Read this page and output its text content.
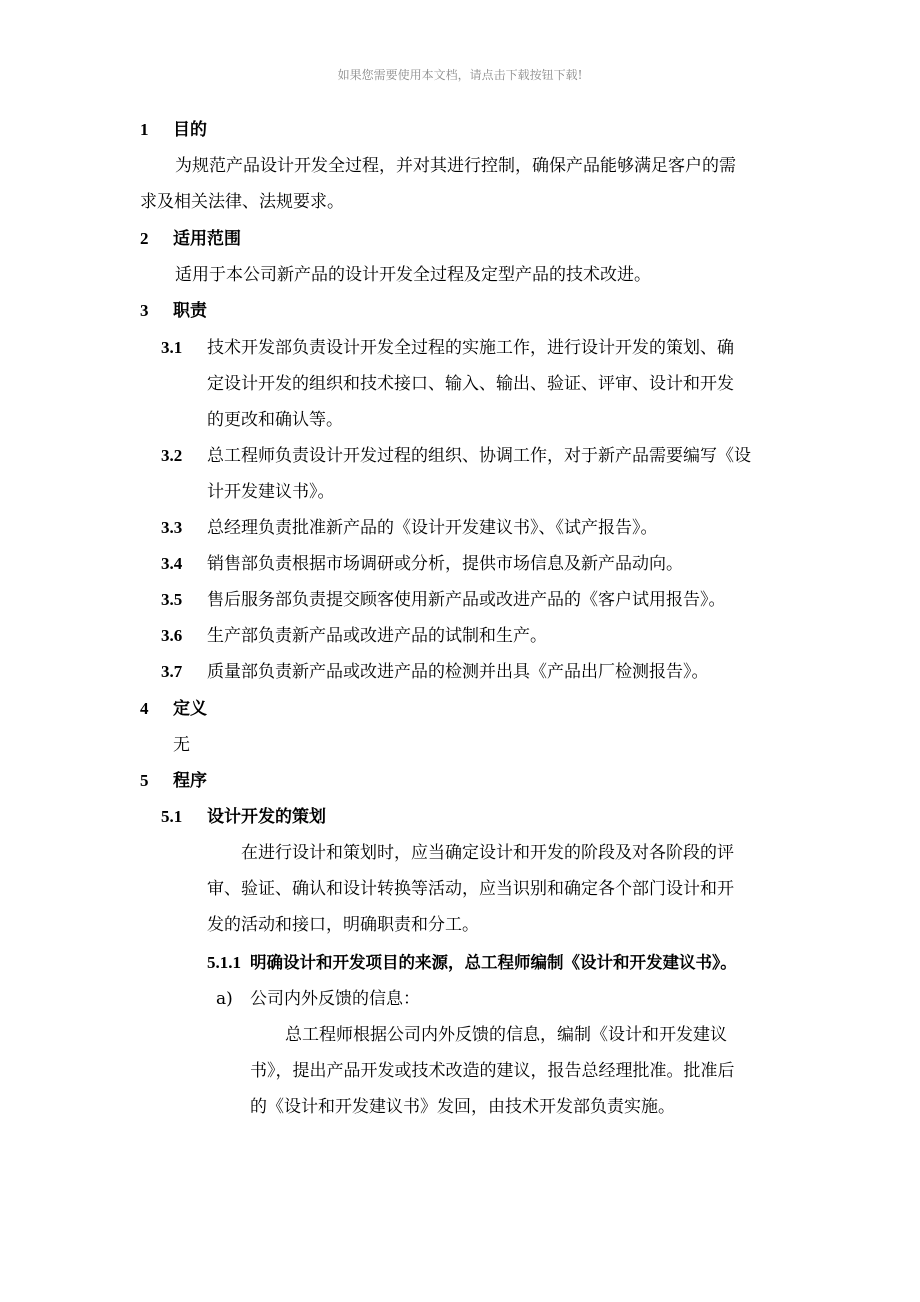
如果您需要使用本文档，请点击下载按钮下载!
1 目的
为规范产品设计开发全过程，并对其进行控制，确保产品能够满足客户的需
求及相关法律、法规要求。
2 适用范围
适用于本公司新产品的设计开发全过程及定型产品的技术改进。
3 职责
3.1 技术开发部负责设计开发全过程的实施工作，进行设计开发的策划、确
定设计开发的组织和技术接口、输入、输出、验证、评审、设计和开发
的更改和确认等。
3.2 总工程师负责设计开发过程的组织、协调工作，对于新产品需要编写《设
计开发建议书》。
3.3 总经理负责批准新产品的《设计开发建议书》、《试产报告》。
3.4 销售部负责根据市场调研或分析，提供市场信息及新产品动向。
3.5 售后服务部负责提交顾客使用新产品或改进产品的《客户试用报告》。
3.6 生产部负责新产品或改进产品的试制和生产。
3.7 质量部负责新产品或改进产品的检测并出具《产品出厂检测报告》。
4 定义
无
5 程序
5.1 设计开发的策划
在进行设计和策划时，应当确定设计和开发的阶段及对各阶段的评
审、验证、确认和设计转换等活动，应当识别和确定各个部门设计和开
发的活动和接口，明确职责和分工。
5.1.1 明确设计和开发项目的来源，总工程师编制《设计和开发建议书》。
a) 公司内外反馈的信息：
总工程师根据公司内外反馈的信息，编制《设计和开发建议
书》，提出产品开发或技术改造的建议，报告总经理批准。批准后
的《设计和开发建议书》发回，由技术开发部负责实施。
